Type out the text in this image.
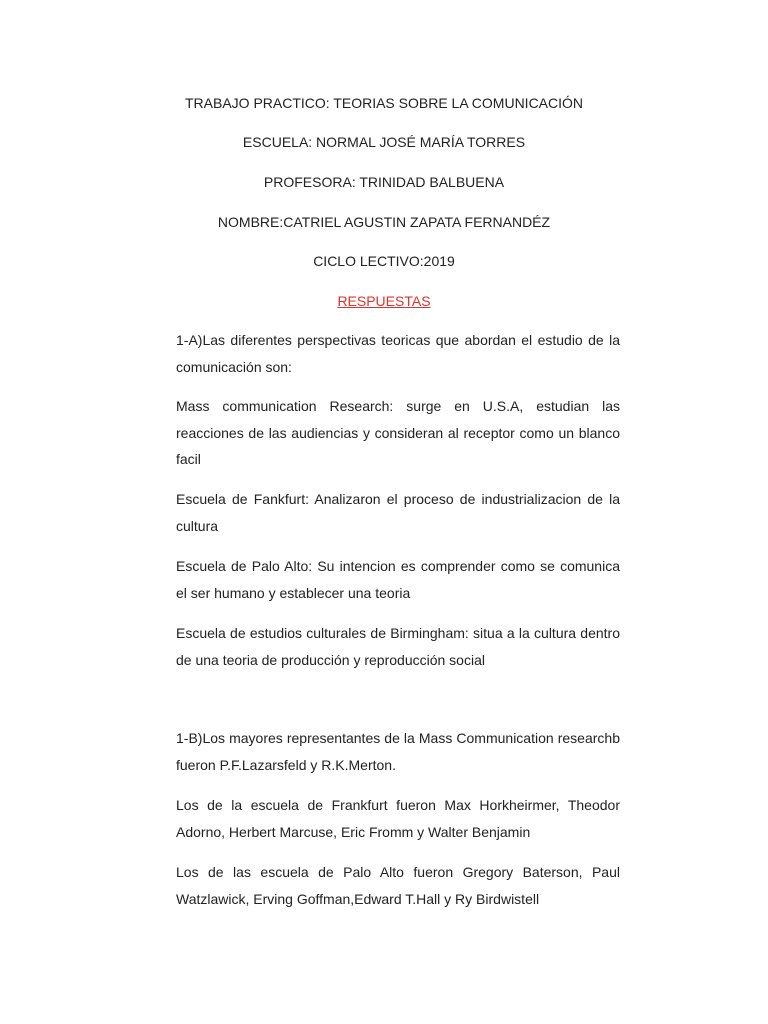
TRABAJO PRACTICO: TEORIAS SOBRE LA COMUNICACIÓN
ESCUELA: NORMAL JOSÉ MARÍA TORRES
PROFESORA: TRINIDAD BALBUENA
NOMBRE:CATRIEL AGUSTIN ZAPATA FERNANDÉZ
CICLO LECTIVO:2019
RESPUESTAS
1-A)Las diferentes perspectivas teoricas que abordan el estudio de la comunicación son:
Mass communication Research: surge en U.S.A, estudian las reacciones de las audiencias y consideran al receptor como un blanco facil
Escuela de Fankfurt: Analizaron el proceso de industrializacion de la cultura
Escuela de Palo Alto: Su intencion es comprender como se comunica el ser humano y establecer una teoria
Escuela de estudios culturales de Birmingham: situa a la cultura dentro de una teoria de producción y reproducción social
1-B)Los mayores representantes de la Mass Communication researchb fueron P.F.Lazarsfeld y R.K.Merton.
Los de la escuela de Frankfurt fueron Max Horkheirmer, Theodor Adorno, Herbert Marcuse, Eric Fromm y Walter Benjamin
Los de las escuela de Palo Alto fueron Gregory Baterson, Paul Watzlawick, Erving Goffman,Edward T.Hall y Ry Birdwistell
